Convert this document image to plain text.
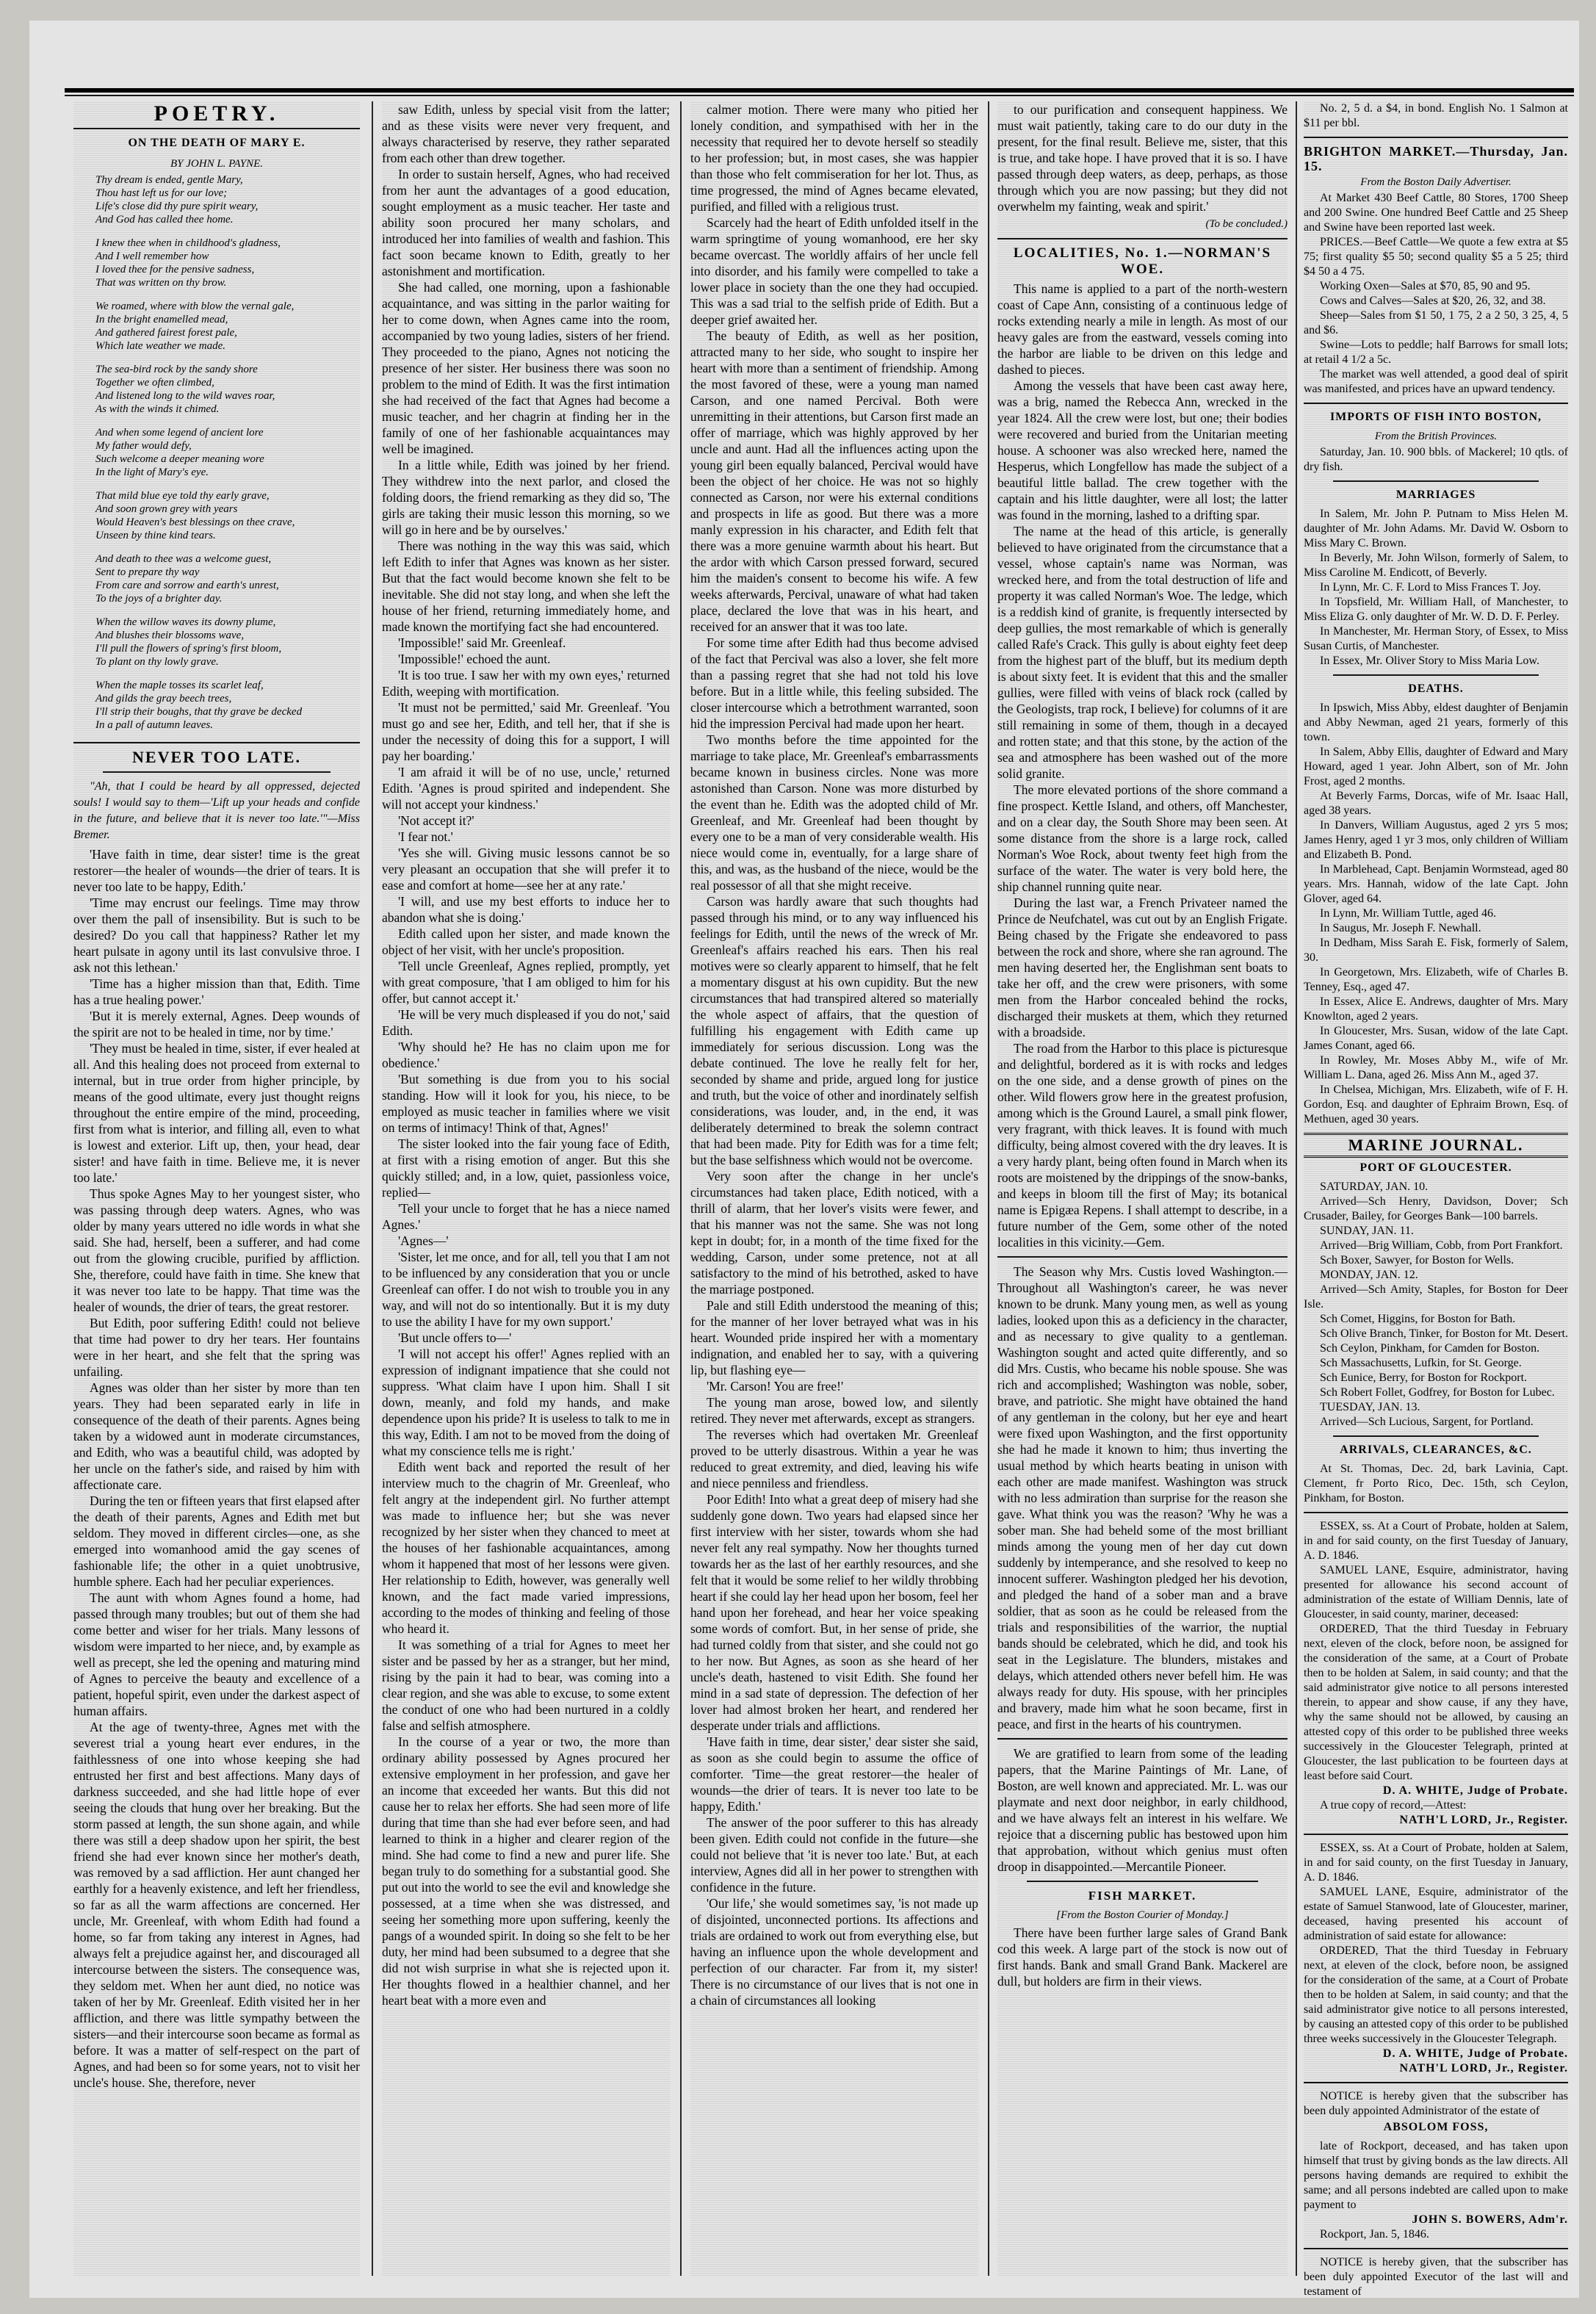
POETRY.
ON THE DEATH OF MARY E.
BY JOHN L. PAYNE.

Thy dream is ended, gentle Mary,

Thou hast left us for our love;

Life's close did thy pure spirit weary,

And God has called thee home.

I knew thee when in childhood's gladness,

And I well remember how

I loved thee for the pensive sadness,

That was written on thy brow.

We roamed, where with blow the vernal gale,

In the bright enamelled mead,

And gathered fairest forest pale,

Which late weather we made.

The sea-bird rock by the sandy shore

Together we often climbed,

And listened long to the wild waves roar,

As with the winds it chimed.

And when some legend of ancient lore

My father would defy,

Such welcome a deeper meaning wore

In the light of Mary's eye.

That mild blue eye told thy early grave,

And soon grown grey with years

Would Heaven's best blessings on thee crave,

Unseen by thine kind tears.

And death to thee was a welcome guest,

Sent to prepare thy way

From care and sorrow and earth's unrest,

To the joys of a brighter day.

When the willow waves its downy plume,

And blushes their blossoms wave,

I'll pull the flowers of spring's first bloom,

To plant on thy lowly grave.

When the maple tosses its scarlet leaf,

And gilds the gray beech trees,

I'll strip their boughs, that thy grave be decked

In a pall of autumn leaves.

NEVER TOO LATE.

"Ah, that I could be heard by all oppressed, dejected souls! I would say to them—'Lift up your heads and confide in the future, and believe that it is never too late.'"—Miss Bremer.

'Have faith in time, dear sister! time is the great restorer—the healer of wounds—the drier of tears. It is never too late to be happy, Edith.'

'Time may encrust our feelings. Time may throw over them the pall of insensibility. But is such to be desired? Do you call that happiness? Rather let my heart pulsate in agony until its last convulsive throe. I ask not this lethean.'

'Time has a higher mission than that, Edith. Time has a true healing power.'

'But it is merely external, Agnes. Deep wounds of the spirit are not to be healed in time, nor by time.'

'They must be healed in time, sister, if ever healed at all. And this healing does not proceed from external to internal, but in true order from higher principle, by means of the good ultimate, every just thought reigns throughout the entire empire of the mind, proceeding, first from what is interior, and filling all, even to what is lowest and exterior. Lift up, then, your head, dear sister! and have faith in time. Believe me, it is never too late.'

Thus spoke Agnes May to her youngest sister, who was passing through deep waters. Agnes, who was older by many years uttered no idle words in what she said. She had, herself, been a sufferer, and had come out from the glowing crucible, purified by affliction. She, therefore, could have faith in time. She knew that it was never too late to be happy. That time was the healer of wounds, the drier of tears, the great restorer.

But Edith, poor suffering Edith! could not believe that time had power to dry her tears. Her fountains were in her heart, and she felt that the spring was unfailing.

Agnes was older than her sister by more than ten years. They had been separated early in life in consequence of the death of their parents. Agnes being taken by a widowed aunt in moderate circumstances, and Edith, who was a beautiful child, was adopted by her uncle on the father's side, and raised by him with affectionate care.

During the ten or fifteen years that first elapsed after the death of their parents, Agnes and Edith met but seldom. They moved in different circles—one, as she emerged into womanhood amid the gay scenes of fashionable life; the other in a quiet unobtrusive, humble sphere. Each had her peculiar experiences.

The aunt with whom Agnes found a home, had passed through many troubles; but out of them she had come better and wiser for her trials. Many lessons of wisdom were imparted to her niece, and, by example as well as precept, she led the opening and maturing mind of Agnes to perceive the beauty and excellence of a patient, hopeful spirit, even under the darkest aspect of human affairs.

At the age of twenty-three, Agnes met with the severest trial a young heart ever endures, in the faithlessness of one into whose keeping she had entrusted her first and best affections. Many days of darkness succeeded, and she had little hope of ever seeing the clouds that hung over her breaking. But the storm passed at length, the sun shone again, and while there was still a deep shadow upon her spirit, the best friend she had ever known since her mother's death, was removed by a sad affliction. Her aunt changed her earthly for a heavenly existence, and left her friendless, so far as all the warm affections are concerned. Her uncle, Mr. Greenleaf, with whom Edith had found a home, so far from taking any interest in Agnes, had always felt a prejudice against her, and discouraged all intercourse between the sisters. The consequence was, they seldom met. When her aunt died, no notice was taken of her by Mr. Greenleaf. Edith visited her in her affliction, and there was little sympathy between the sisters—and their intercourse soon became as formal as before. It was a matter of self-respect on the part of Agnes, and had been so for some years, not to visit her uncle's house. She, therefore, never

saw Edith, unless by special visit from the latter; and as these visits were never very frequent, and always characterised by reserve, they rather separated from each other than drew together.

In order to sustain herself, Agnes, who had received from her aunt the advantages of a good education, sought employment as a music teacher. Her taste and ability soon procured her many scholars, and introduced her into families of wealth and fashion. This fact soon became known to Edith, greatly to her astonishment and mortification.

She had called, one morning, upon a fashionable acquaintance, and was sitting in the parlor waiting for her to come down, when Agnes came into the room, accompanied by two young ladies, sisters of her friend. They proceeded to the piano, Agnes not noticing the presence of her sister. Her business there was soon no problem to the mind of Edith. It was the first intimation she had received of the fact that Agnes had become a music teacher, and her chagrin at finding her in the family of one of her fashionable acquaintances may well be imagined.

In a little while, Edith was joined by her friend. They withdrew into the next parlor, and closed the folding doors, the friend remarking as they did so, 'The girls are taking their music lesson this morning, so we will go in here and be by ourselves.'

There was nothing in the way this was said, which left Edith to infer that Agnes was known as her sister. But that the fact would become known she felt to be inevitable. She did not stay long, and when she left the house of her friend, returning immediately home, and made known the mortifying fact she had encountered.

'Impossible!' said Mr. Greenleaf.

'Impossible!' echoed the aunt.

'It is too true. I saw her with my own eyes,' returned Edith, weeping with mortification.

'It must not be permitted,' said Mr. Greenleaf. 'You must go and see her, Edith, and tell her, that if she is under the necessity of doing this for a support, I will pay her boarding.'

'I am afraid it will be of no use, uncle,' returned Edith. 'Agnes is proud spirited and independent. She will not accept your kindness.'

'Not accept it?'

'I fear not.'

'Yes she will. Giving music lessons cannot be so very pleasant an occupation that she will prefer it to ease and comfort at home—see her at any rate.'

'I will, and use my best efforts to induce her to abandon what she is doing.'

Edith called upon her sister, and made known the object of her visit, with her uncle's proposition.

'Tell uncle Greenleaf, Agnes replied, promptly, yet with great composure, 'that I am obliged to him for his offer, but cannot accept it.'

'He will be very much displeased if you do not,' said Edith.

'Why should he? He has no claim upon me for obedience.'

'But something is due from you to his social standing. How will it look for you, his niece, to be employed as music teacher in families where we visit on terms of intimacy! Think of that, Agnes!'

The sister looked into the fair young face of Edith, at first with a rising emotion of anger. But this she quickly stilled; and, in a low, quiet, passionless voice, replied—

'Tell your uncle to forget that he has a niece named Agnes.'

'Agnes—'

'Sister, let me once, and for all, tell you that I am not to be influenced by any consideration that you or uncle Greenleaf can offer. I do not wish to trouble you in any way, and will not do so intentionally. But it is my duty to use the ability I have for my own support.'

'But uncle offers to—'

'I will not accept his offer!' Agnes replied with an expression of indignant impatience that she could not suppress. 'What claim have I upon him. Shall I sit down, meanly, and fold my hands, and make dependence upon his pride? It is useless to talk to me in this way, Edith. I am not to be moved from the doing of what my conscience tells me is right.'

Edith went back and reported the result of her interview much to the chagrin of Mr. Greenleaf, who felt angry at the independent girl. No further attempt was made to influence her; but she was never recognized by her sister when they chanced to meet at the houses of her fashionable acquaintances, among whom it happened that most of her lessons were given. Her relationship to Edith, however, was generally well known, and the fact made varied impressions, according to the modes of thinking and feeling of those who heard it.

It was something of a trial for Agnes to meet her sister and be passed by her as a stranger, but her mind, rising by the pain it had to bear, was coming into a clear region, and she was able to excuse, to some extent the conduct of one who had been nurtured in a coldly false and selfish atmosphere.

In the course of a year or two, the more than ordinary ability possessed by Agnes procured her extensive employment in her profession, and gave her an income that exceeded her wants. But this did not cause her to relax her efforts. She had seen more of life during that time than she had ever before seen, and had learned to think in a higher and clearer region of the mind. She had come to find a new and purer life. She began truly to do something for a substantial good. She put out into the world to see the evil and knowledge she possessed, at a time when she was distressed, and seeing her something more upon suffering, keenly the pangs of a wounded spirit. In doing so she felt to be her duty, her mind had been subsumed to a degree that she did not wish surprise in what she is rejected upon it. Her thoughts flowed in a healthier channel, and her heart beat with a more even and

calmer motion. There were many who pitied her lonely condition, and sympathised with her in the necessity that required her to devote herself so steadily to her profession; but, in most cases, she was happier than those who felt commiseration for her lot. Thus, as time progressed, the mind of Agnes became elevated, purified, and filled with a religious trust.

Scarcely had the heart of Edith unfolded itself in the warm springtime of young womanhood, ere her sky became overcast. The worldly affairs of her uncle fell into disorder, and his family were compelled to take a lower place in society than the one they had occupied. This was a sad trial to the selfish pride of Edith. But a deeper grief awaited her.

The beauty of Edith, as well as her position, attracted many to her side, who sought to inspire her heart with more than a sentiment of friendship. Among the most favored of these, were a young man named Carson, and one named Percival. Both were unremitting in their attentions, but Carson first made an offer of marriage, which was highly approved by her uncle and aunt. Had all the influences acting upon the young girl been equally balanced, Percival would have been the object of her choice. He was not so highly connected as Carson, nor were his external conditions and prospects in life as good. But there was a more manly expression in his character, and Edith felt that there was a more genuine warmth about his heart. But the ardor with which Carson pressed forward, secured him the maiden's consent to become his wife. A few weeks afterwards, Percival, unaware of what had taken place, declared the love that was in his heart, and received for an answer that it was too late.

For some time after Edith had thus become advised of the fact that Percival was also a lover, she felt more than a passing regret that she had not told his love before. But in a little while, this feeling subsided. The closer intercourse which a betrothment warranted, soon hid the impression Percival had made upon her heart.

Two months before the time appointed for the marriage to take place, Mr. Greenleaf's embarrassments became known in business circles. None was more astonished than Carson. None was more disturbed by the event than he. Edith was the adopted child of Mr. Greenleaf, and Mr. Greenleaf had been thought by every one to be a man of very considerable wealth. His niece would come in, eventually, for a large share of this, and was, as the husband of the niece, would be the real possessor of all that she might receive.

Carson was hardly aware that such thoughts had passed through his mind, or to any way influenced his feelings for Edith, until the news of the wreck of Mr. Greenleaf's affairs reached his ears. Then his real motives were so clearly apparent to himself, that he felt a momentary disgust at his own cupidity. But the new circumstances that had transpired altered so materially the whole aspect of affairs, that the question of fulfilling his engagement with Edith came up immediately for serious discussion. Long was the debate continued. The love he really felt for her, seconded by shame and pride, argued long for justice and truth, but the voice of other and inordinately selfish considerations, was louder, and, in the end, it was deliberately determined to break the solemn contract that had been made. Pity for Edith was for a time felt; but the base selfishness which would not be overcome.

Very soon after the change in her uncle's circumstances had taken place, Edith noticed, with a thrill of alarm, that her lover's visits were fewer, and that his manner was not the same. She was not long kept in doubt; for, in a month of the time fixed for the wedding, Carson, under some pretence, not at all satisfactory to the mind of his betrothed, asked to have the marriage postponed.

Pale and still Edith understood the meaning of this; for the manner of her lover betrayed what was in his heart. Wounded pride inspired her with a momentary indignation, and enabled her to say, with a quivering lip, but flashing eye—

'Mr. Carson! You are free!'

The young man arose, bowed low, and silently retired. They never met afterwards, except as strangers.

The reverses which had overtaken Mr. Greenleaf proved to be utterly disastrous. Within a year he was reduced to great extremity, and died, leaving his wife and niece penniless and friendless.

Poor Edith! Into what a great deep of misery had she suddenly gone down. Two years had elapsed since her first interview with her sister, towards whom she had never felt any real sympathy. Now her thoughts turned towards her as the last of her earthly resources, and she felt that it would be some relief to her wildly throbbing heart if she could lay her head upon her bosom, feel her hand upon her forehead, and hear her voice speaking some words of comfort. But, in her sense of pride, she had turned coldly from that sister, and she could not go to her now. But Agnes, as soon as she heard of her uncle's death, hastened to visit Edith. She found her mind in a sad state of depression. The defection of her lover had almost broken her heart, and rendered her desperate under trials and afflictions.

'Have faith in time, dear sister,' dear sister she said, as soon as she could begin to assume the office of comforter. 'Time—the great restorer—the healer of wounds—the drier of tears. It is never too late to be happy, Edith.'

The answer of the poor sufferer to this has already been given. Edith could not confide in the future—she could not believe that 'it is never too late.' But, at each interview, Agnes did all in her power to strengthen with confidence in the future.

'Our life,' she would sometimes say, 'is not made up of disjointed, unconnected portions. Its affections and trials are ordained to work out from everything else, but having an influence upon the whole development and perfection of our character. Far from it, my sister! There is no circumstance of our lives that is not one in a chain of circumstances all looking

to our purification and consequent happiness. We must wait patiently, taking care to do our duty in the present, for the final result. Believe me, sister, that this is true, and take hope. I have proved that it is so. I have passed through deep waters, as deep, perhaps, as those through which you are now passing; but they did not overwhelm my fainting, weak and spirit.'

(To be concluded.)
LOCALITIES, No. 1.—NORMAN'S WOE.

This name is applied to a part of the north-western coast of Cape Ann, consisting of a continuous ledge of rocks extending nearly a mile in length. As most of our heavy gales are from the eastward, vessels coming into the harbor are liable to be driven on this ledge and dashed to pieces.

Among the vessels that have been cast away here, was a brig, named the Rebecca Ann, wrecked in the year 1824. All the crew were lost, but one; their bodies were recovered and buried from the Unitarian meeting house. A schooner was also wrecked here, named the Hesperus, which Longfellow has made the subject of a beautiful little ballad. The crew together with the captain and his little daughter, were all lost; the latter was found in the morning, lashed to a drifting spar.

The name at the head of this article, is generally believed to have originated from the circumstance that a vessel, whose captain's name was Norman, was wrecked here, and from the total destruction of life and property it was called Norman's Woe. The ledge, which is a reddish kind of granite, is frequently intersected by deep gullies, the most remarkable of which is generally called Rafe's Crack. This gully is about eighty feet deep from the highest part of the bluff, but its medium depth is about sixty feet. It is evident that this and the smaller gullies, were filled with veins of black rock (called by the Geologists, trap rock, I believe) for columns of it are still remaining in some of them, though in a decayed and rotten state; and that this stone, by the action of the sea and atmosphere has been washed out of the more solid granite.

The more elevated portions of the shore command a fine prospect. Kettle Island, and others, off Manchester, and on a clear day, the South Shore may been seen. At some distance from the shore is a large rock, called Norman's Woe Rock, about twenty feet high from the surface of the water. The water is very bold here, the ship channel running quite near.

During the last war, a French Privateer named the Prince de Neufchatel, was cut out by an English Frigate. Being chased by the Frigate she endeavored to pass between the rock and shore, where she ran aground. The men having deserted her, the Englishman sent boats to take her off, and the crew were prisoners, with some men from the Harbor concealed behind the rocks, discharged their muskets at them, which they returned with a broadside.

The road from the Harbor to this place is picturesque and delightful, bordered as it is with rocks and ledges on the one side, and a dense growth of pines on the other. Wild flowers grow here in the greatest profusion, among which is the Ground Laurel, a small pink flower, very fragrant, with thick leaves. It is found with much difficulty, being almost covered with the dry leaves. It is a very hardy plant, being often found in March when its roots are moistened by the drippings of the snow-banks, and keeps in bloom till the first of May; its botanical name is Epigæa Repens. I shall attempt to describe, in a future number of the Gem, some other of the noted localities in this vicinity.—Gem.

The Season why Mrs. Custis loved Washington.—Throughout all Washington's career, he was never known to be drunk. Many young men, as well as young ladies, looked upon this as a deficiency in the character, and as necessary to give quality to a gentleman. Washington sought and acted quite differently, and so did Mrs. Custis, who became his noble spouse. She was rich and accomplished; Washington was noble, sober, brave, and patriotic. She might have obtained the hand of any gentleman in the colony, but her eye and heart were fixed upon Washington, and the first opportunity she had he made it known to him; thus inverting the usual method by which hearts beating in unison with each other are made manifest. Washington was struck with no less admiration than surprise for the reason she gave. What think you was the reason? 'Why he was a sober man. She had beheld some of the most brilliant minds among the young men of her day cut down suddenly by intemperance, and she resolved to keep no innocent sufferer. Washington pledged her his devotion, and pledged the hand of a sober man and a brave soldier, that as soon as he could be released from the trials and responsibilities of the warrior, the nuptial bands should be celebrated, which he did, and took his seat in the Legislature. The blunders, mistakes and delays, which attended others never befell him. He was always ready for duty. His spouse, with her principles and bravery, made him what he soon became, first in peace, and first in the hearts of his countrymen.

We are gratified to learn from some of the leading papers, that the Marine Paintings of Mr. Lane, of Boston, are well known and appreciated. Mr. L. was our playmate and next door neighbor, in early childhood, and we have always felt an interest in his welfare. We rejoice that a discerning public has bestowed upon him that approbation, without which genius must often droop in disappointed.—Mercantile Pioneer.

FISH MARKET.
[From the Boston Courier of Monday.]

There have been further large sales of Grand Bank cod this week. A large part of the stock is now out of first hands. Bank and small Grand Bank. Mackerel are dull, but holders are firm in their views.

No. 2, 5 d. a $4, in bond. English No. 1 Salmon at $11 per bbl.

BRIGHTON MARKET.—Thursday, Jan. 15.
From the Boston Daily Advertiser.

At Market 430 Beef Cattle, 80 Stores, 1700 Sheep and 200 Swine. One hundred Beef Cattle and 25 Sheep and Swine have been reported last week.

PRICES.—Beef Cattle—We quote a few extra at $5 75; first quality $5 50; second quality $5 a 5 25; third $4 50 a 4 75.

Working Oxen—Sales at $70, 85, 90 and 95.

Cows and Calves—Sales at $20, 26, 32, and 38.

Sheep—Sales from $1 50, 1 75, 2 a 2 50, 3 25, 4, 5 and $6.

Swine—Lots to peddle; half Barrows for small lots; at retail 4 1/2 a 5c.

The market was well attended, a good deal of spirit was manifested, and prices have an upward tendency.

IMPORTS OF FISH INTO BOSTON,
From the British Provinces.

Saturday, Jan. 10. 900 bbls. of Mackerel; 10 qtls. of dry fish.

MARRIAGES

In Salem, Mr. John P. Putnam to Miss Helen M. daughter of Mr. John Adams. Mr. David W. Osborn to Miss Mary C. Brown.

In Beverly, Mr. John Wilson, formerly of Salem, to Miss Caroline M. Endicott, of Beverly.

In Lynn, Mr. C. F. Lord to Miss Frances T. Joy.

In Topsfield, Mr. William Hall, of Manchester, to Miss Eliza G. only daughter of Mr. W. D. D. F. Perley.

In Manchester, Mr. Herman Story, of Essex, to Miss Susan Curtis, of Manchester.

In Essex, Mr. Oliver Story to Miss Maria Low.

DEATHS.

In Ipswich, Miss Abby, eldest daughter of Benjamin and Abby Newman, aged 21 years, formerly of this town.

In Salem, Abby Ellis, daughter of Edward and Mary Howard, aged 1 year. John Albert, son of Mr. John Frost, aged 2 months.

At Beverly Farms, Dorcas, wife of Mr. Isaac Hall, aged 38 years.

In Danvers, William Augustus, aged 2 yrs 5 mos; James Henry, aged 1 yr 3 mos, only children of William and Elizabeth B. Pond.

In Marblehead, Capt. Benjamin Wormstead, aged 80 years. Mrs. Hannah, widow of the late Capt. John Glover, aged 64.

In Lynn, Mr. William Tuttle, aged 46.

In Saugus, Mr. Joseph F. Newhall.

In Dedham, Miss Sarah E. Fisk, formerly of Salem, 30.

In Georgetown, Mrs. Elizabeth, wife of Charles B. Tenney, Esq., aged 47.

In Essex, Alice E. Andrews, daughter of Mrs. Mary Knowlton, aged 2 years.

In Gloucester, Mrs. Susan, widow of the late Capt. James Conant, aged 66.

In Rowley, Mr. Moses Abby M., wife of Mr. William L. Dana, aged 26. Miss Ann M., aged 37.

In Chelsea, Michigan, Mrs. Elizabeth, wife of F. H. Gordon, Esq. and daughter of Ephraim Brown, Esq. of Methuen, aged 30 years.

MARINE JOURNAL.
PORT OF GLOUCESTER.

SATURDAY, JAN. 10.

Arrived—Sch Henry, Davidson, Dover; Sch Crusader, Bailey, for Georges Bank—100 barrels.

SUNDAY, JAN. 11.

Arrived—Brig William, Cobb, from Port Frankfort.

Sch Boxer, Sawyer, for Boston for Wells.

MONDAY, JAN. 12.

Arrived—Sch Amity, Staples, for Boston for Deer Isle.

Sch Comet, Higgins, for Boston for Bath.

Sch Olive Branch, Tinker, for Boston for Mt. Desert.

Sch Ceylon, Pinkham, for Camden for Boston.

Sch Massachusetts, Lufkin, for St. George.

Sch Eunice, Berry, for Boston for Rockport.

Sch Robert Follet, Godfrey, for Boston for Lubec.

TUESDAY, JAN. 13.

Arrived—Sch Lucious, Sargent, for Portland.

ARRIVALS, CLEARANCES, &C.

At St. Thomas, Dec. 2d, bark Lavinia, Capt. Clement, fr Porto Rico, Dec. 15th, sch Ceylon, Pinkham, for Boston.

ESSEX, ss. At a Court of Probate, holden at Salem, in and for said county, on the first Tuesday of January, A. D. 1846.

SAMUEL LANE, Esquire, administrator, having presented for allowance his second account of administration of the estate of William Dennis, late of Gloucester, in said county, mariner, deceased:

ORDERED, That the third Tuesday in February next, eleven of the clock, before noon, be assigned for the consideration of the same, at a Court of Probate then to be holden at Salem, in said county; and that the said administrator give notice to all persons interested therein, to appear and show cause, if any they have, why the same should not be allowed, by causing an attested copy of this order to be published three weeks successively in the Gloucester Telegraph, printed at Gloucester, the last publication to be fourteen days at least before said Court.

D. A. WHITE, Judge of Probate.

A true copy of record,—Attest:

NATH'L LORD, Jr., Register.

ESSEX, ss. At a Court of Probate, holden at Salem, in and for said county, on the first Tuesday in January, A. D. 1846.

SAMUEL LANE, Esquire, administrator of the estate of Samuel Stanwood, late of Gloucester, mariner, deceased, having presented his account of administration of said estate for allowance:

ORDERED, That the third Tuesday in February next, at eleven of the clock, before noon, be assigned for the consideration of the same, at a Court of Probate then to be holden at Salem, in said county; and that the said administrator give notice to all persons interested, by causing an attested copy of this order to be published three weeks successively in the Gloucester Telegraph.

D. A. WHITE, Judge of Probate.
NATH'L LORD, Jr., Register.

NOTICE is hereby given that the subscriber has been duly appointed Administrator of the estate of

ABSOLOM FOSS,

late of Rockport, deceased, and has taken upon himself that trust by giving bonds as the law directs. All persons having demands are required to exhibit the same; and all persons indebted are called upon to make payment to

JOHN S. BOWERS, Adm'r.

Rockport, Jan. 5, 1846.

NOTICE is hereby given, that the subscriber has been duly appointed Executor of the last will and testament of
